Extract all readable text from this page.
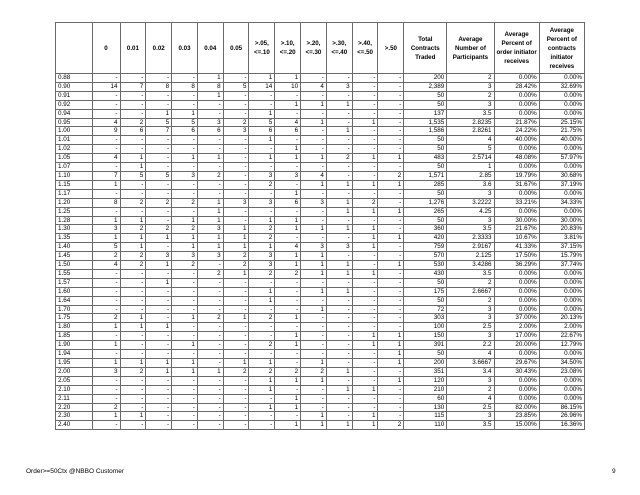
	0	0.01	0.02	0.03	0.04	0.05	>.05, <=.10	>.10, <=.20	>.20, <=.30	>.30, <=.40	>.40, <=.50	>.50	Total Contracts Traded	Average Number of Participants	Average Percent of order initiator receives	Average Percent of contracts initiator receives
0.88	-	-	-	-	1	-	1	1	-	-	-	-	200	2	0.00%	0.00%
0.90	14	7	8	8	8	5	14	10	4	3	-	-	2,389	3	28.42%	32.69%
0.91	-	-	-	-	1	-	-	-	-	-	-	-	50	2	0.00%	0.00%
0.92	-	-	-	-	-	-	-	1	1	1	-	-	50	3	0.00%	0.00%
0.94	-	-	1	1	-	-	1	-	-	-	-	-	137	3.5	0.00%	0.00%
0.95	4	2	5	5	3	2	5	4	1	-	1	-	1,535	2.8235	21.87%	25.15%
1.00	9	6	7	6	6	3	6	6	-	1	-	-	1,586	2.8261	24.22%	21.75%
1.01	-	-	-	-	-	-	1	-	-	-	-	-	50	4	40.00%	40.00%
1.02	-	-	-	-	-	-	-	1	-	-	-	-	50	5	0.00%	0.00%
1.05	4	1	-	1	1	-	1	1	1	2	1	1	483	2.5714	48.08%	57.97%
1.07	-	1	-	-	-	-	-	-	-	-	-	-	50	1	0.00%	0.00%
1.10	7	5	5	3	2	-	3	3	4	-	-	2	1,571	2.85	19.79%	30.68%
1.15	1	-	-	-	-	-	2	-	1	1	1	1	285	3.6	31.67%	37.19%
1.17	-	-	-	-	-	-	-	1	-	-	-	-	50	3	0.00%	0.00%
1.20	8	2	2	2	1	3	3	6	3	1	2	-	1,276	3.2222	33.21%	34.33%
1.25	-	-	-	-	1	-	-	-	-	1	1	1	265	4.25	0.00%	0.00%
1.28	1	1	-	1	1	-	1	1	-	-	-	-	50	3	30.00%	30.00%
1.30	3	2	2	2	3	1	2	1	1	1	1	-	360	3.5	21.67%	20.83%
1.35	1	1	1	1	1	1	2	-	-	-	1	1	420	2.3333	10.67%	3.81%
1.40	5	1	-	1	1	1	1	4	3	3	1	-	759	2.9167	41.33%	37.15%
1.45	2	2	3	3	3	2	3	1	1	-	-	-	570	2.125	17.50%	15.79%
1.50	4	2	1	2	-	2	3	1	1	1	-	1	530	3.4286	36.29%	37.74%
1.55	-	-	-	-	2	1	2	2	1	1	1	-	430	3.5	0.00%	0.00%
1.57	-	-	1	-	-	-	-	-	-	-	-	-	50	2	0.00%	0.00%
1.60	-	-	-	-	-	-	1	-	1	1	-	-	175	2.6667	0.00%	0.00%
1.64	-	-	-	-	-	-	1	-	-	-	-	-	50	2	0.00%	0.00%
1.70	-	-	-	-	-	-	-	-	1	-	-	-	72	3	0.00%	0.00%
1.75	2	1	-	1	2	1	2	1	-	-	-	-	303	3	37.00%	20.13%
1.80	1	1	1	-	-	-	-	-	-	-	-	-	100	2.5	2.00%	2.00%
1.85	-	-	-	-	-	-	-	1	-	-	1	1	150	3	17.00%	22.67%
1.90	1	-	-	1	-	-	2	1	-	-	1	1	391	2.2	20.00%	12.79%
1.94	-	-	-	-	-	-	-	-	-	-	-	1	50	4	0.00%	0.00%
1.95	1	1	1	1	-	1	1	-	1	-	-	1	200	3.6667	29.67%	34.50%
2.00	3	2	1	1	1	2	2	2	2	1	-	-	351	3.4	30.43%	23.08%
2.05	-	-	-	-	-	-	1	1	1	-	-	1	120	3	0.00%	0.00%
2.10	-	-	-	-	-	-	1	-	-	1	1	-	210	2	0.00%	0.00%
2.11	-	-	-	-	-	-	-	1	-	-	-	-	60	4	0.00%	0.00%
2.20	2	-	-	-	-	-	1	1	-	-	-	-	130	2.5	82.00%	86.15%
2.30	1	1	-	-	-	-	-	-	1	-	1	-	115	3	23.85%	26.96%
2.40	-	-	-	-	-	-	-	1	1	1	1	2	110	3.5	15.00%	16.36%
Order>=50Ctx @NBBO Customer	9
